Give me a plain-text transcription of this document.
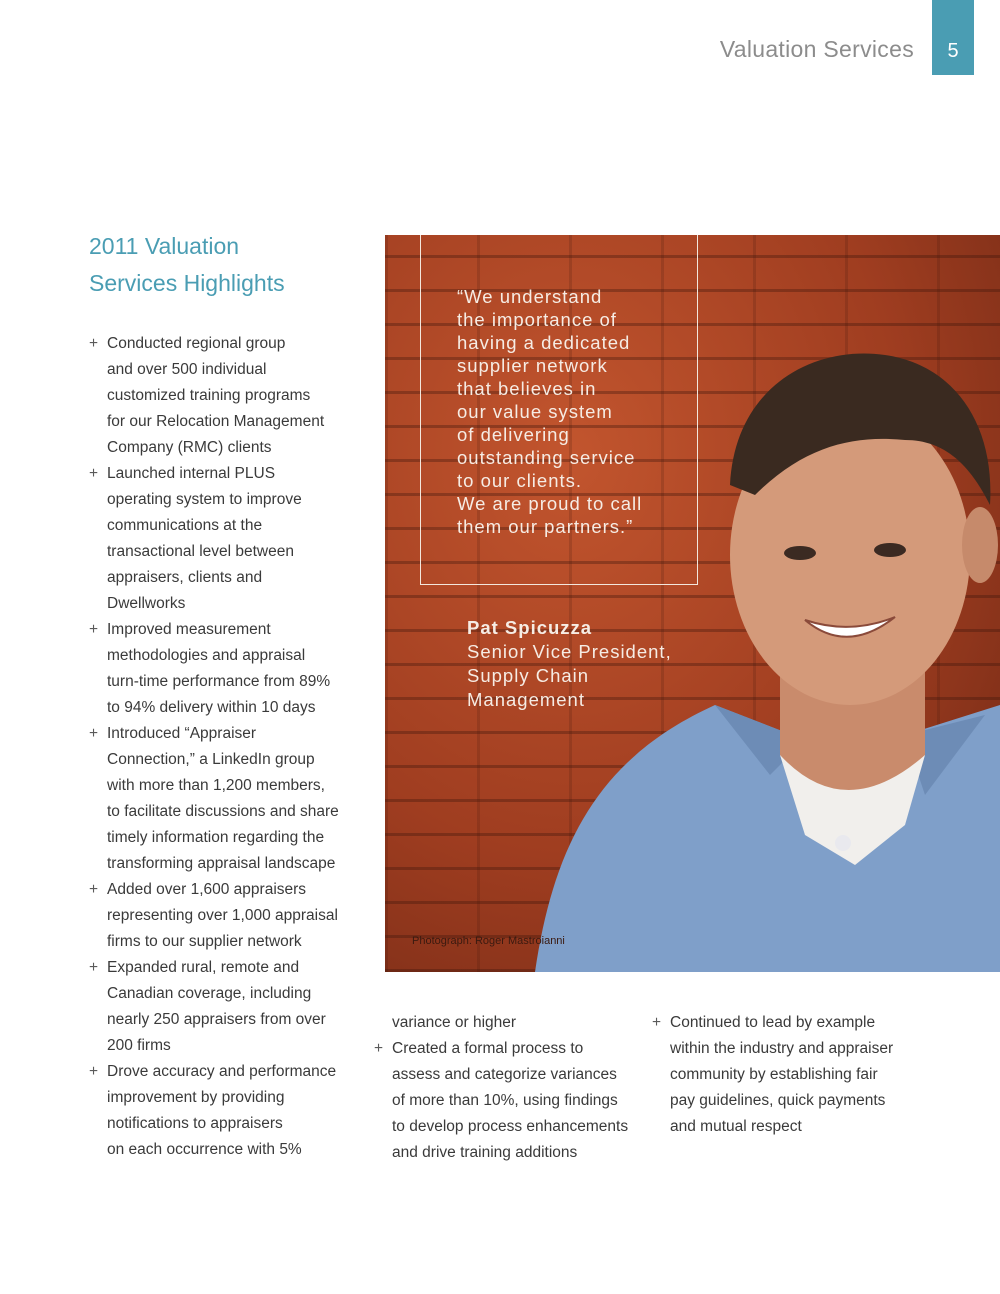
Valuation Services 5
2011 Valuation
Services Highlights
+ Conducted regional group
and over 500 individual
customized training programs
for our Relocation Management
Company (RMC) clients
+ Launched internal PLUS
operating system to improve
communications at the
transactional level between
appraisers, clients and
Dwellworks
+ Improved measurement
methodologies and appraisal
turn-time performance from 89%
to 94% delivery within 10 days
+ Introduced “Appraiser
Connection,” a LinkedIn group
with more than 1,200 members,
to facilitate discussions and share
timely information regarding the
transforming appraisal landscape
+ Added over 1,600 appraisers
representing over 1,000 appraisal
firms to our supplier network
+ Expanded rural, remote and
Canadian coverage, including
nearly 250 appraisers from over
200 firms
+ Drove accuracy and performance
improvement by providing
notifications to appraisers
on each occurrence with 5%
variance or higher
+ Created a formal process to
assess and categorize variances
of more than 10%, using findings
to develop process enhancements
and drive training additions
+ Continued to lead by example
within the industry and appraiser
community by establishing fair
pay guidelines, quick payments
and mutual respect
“We understand
the importance of
having a dedicated
supplier network
that believes in
our value system
of delivering
outstanding service
to our clients.
We are proud to call
them our partners.”
Pat Spicuzza
Senior Vice President,
Supply Chain
Management
Photograph: Roger Mastroianni
